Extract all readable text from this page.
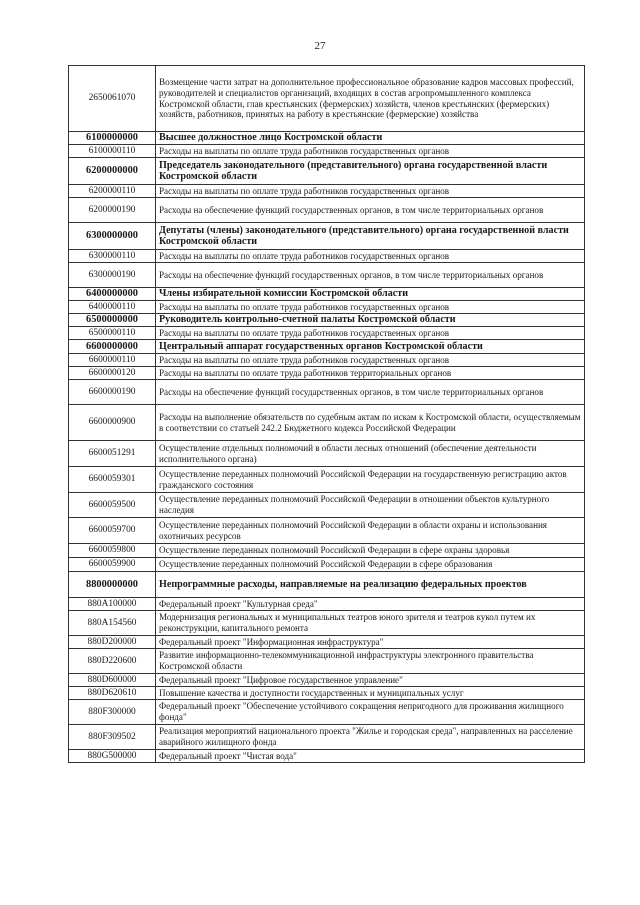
27
2650061070	Возмещение части затрат на дополнительное профессиональное образование кадров массовых профессий, руководителей и специалистов организаций, входящих в состав агропромышленного комплекса Костромской области, глав крестьянских (фермерских) хозяйств, членов крестьянских (фермерских) хозяйств, работников, принятых на работу в крестьянские (фермерские) хозяйства
6100000000	Высшее должностное лицо Костромской области
6100000110	Расходы на выплаты по оплате труда работников государственных органов
6200000000	Председатель законодательного (представительного) органа государственной власти Костромской области
6200000110	Расходы на выплаты по оплате труда работников государственных органов
6200000190	Расходы на обеспечение функций государственных органов, в том числе территориальных органов
6300000000	Депутаты (члены) законодательного (представительного) органа государственной власти Костромской области
6300000110	Расходы на выплаты по оплате труда работников государственных органов
6300000190	Расходы на обеспечение функций государственных органов, в том числе территориальных органов
6400000000	Члены избирательной комиссии Костромской области
6400000110	Расходы на выплаты по оплате труда работников государственных органов
6500000000	Руководитель контрольно-счетной палаты Костромской области
6500000110	Расходы на выплаты по оплате труда работников государственных органов
6600000000	Центральный аппарат государственных органов Костромской области
6600000110	Расходы на выплаты по оплате труда работников государственных органов
6600000120	Расходы на выплаты по оплате труда работников территориальных органов
6600000190	Расходы на обеспечение функций государственных органов, в том числе территориальных органов
6600000900	Расходы на выполнение обязательств по судебным актам по искам к Костромской области, осуществляемым в соответствии со статьей 242.2 Бюджетного кодекса Российской Федерации
6600051291	Осуществление отдельных полномочий в области лесных отношений (обеспечение деятельности исполнительного органа)
6600059301	Осуществление переданных полномочий Российской Федерации на государственную регистрацию актов гражданского состояния
6600059500	Осуществление переданных полномочий Российской Федерации в отношении объектов культурного наследия
6600059700	Осуществление переданных полномочий Российской Федерации в области охраны и использования охотничьих ресурсов
6600059800	Осуществление переданных полномочий Российской Федерации в сфере охраны здоровья
6600059900	Осуществление переданных полномочий Российской Федерации в сфере образования
8800000000	Непрограммные расходы, направляемые на реализацию федеральных проектов
880A100000	Федеральный проект "Культурная среда"
880A154560	Модернизация региональных и муниципальных театров юного зрителя и театров кукол путем их реконструкции, капитального ремонта
880D200000	Федеральный проект "Информационная инфраструктура"
880D220600	Развитие информационно-телекоммуникационной инфраструктуры электронного правительства Костромской области
880D600000	Федеральный проект "Цифровое государственное управление"
880D620610	Повышение качества и доступности государственных и муниципальных услуг
880F300000	Федеральный проект "Обеспечение устойчивого сокращения непригодного для проживания жилищного фонда"
880F309502	Реализация мероприятий национального проекта "Жилье и городская среда", направленных на расселение аварийного жилищного фонда
880G500000	Федеральный проект "Чистая вода"
